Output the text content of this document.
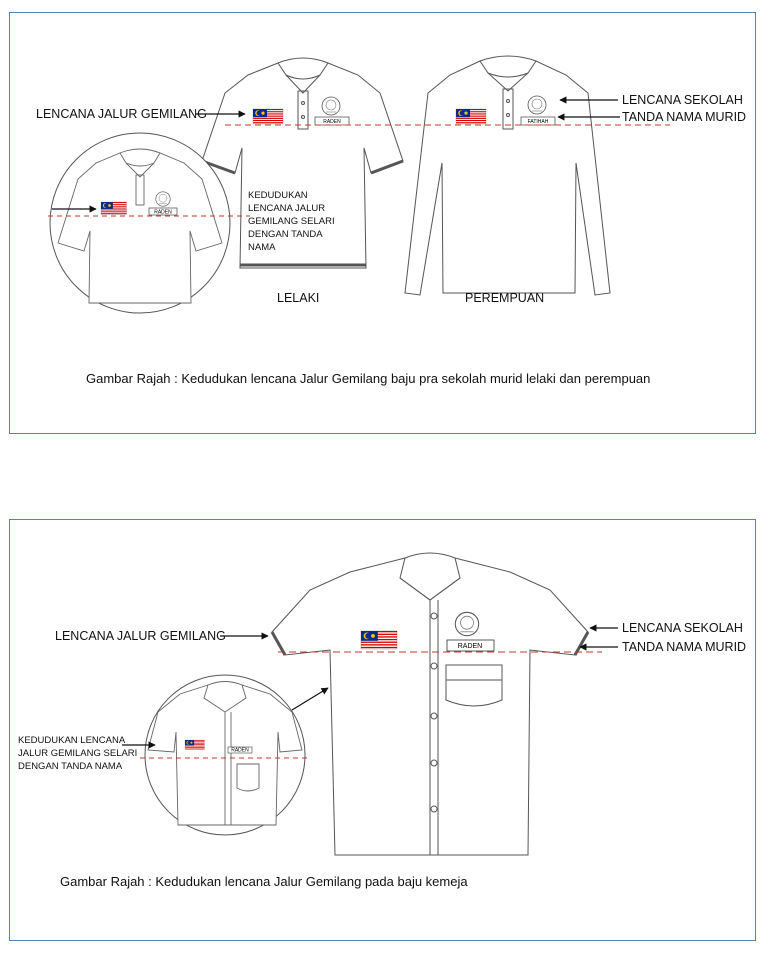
RADEN	FATIHAH
RADEN
LENCANA JALUR GEMILANG
LENCANA SEKOLAH
TANDA NAMA MURID
KEDUDUKAN
LENCANA JALUR
GEMILANG SELARI
DENGAN TANDA
NAMA
LELAKI	PEREMPUAN
Gambar Rajah : Kedudukan lencana Jalur Gemilang baju pra sekolah murid lelaki dan perempuan
RADEN
RADEN
LENCANA JALUR GEMILANG
LENCANA SEKOLAH
TANDA NAMA MURID
KEDUDUKAN LENCANA
JALUR GEMILANG SELARI
DENGAN TANDA NAMA
Gambar Rajah : Kedudukan lencana Jalur Gemilang pada baju kemeja
